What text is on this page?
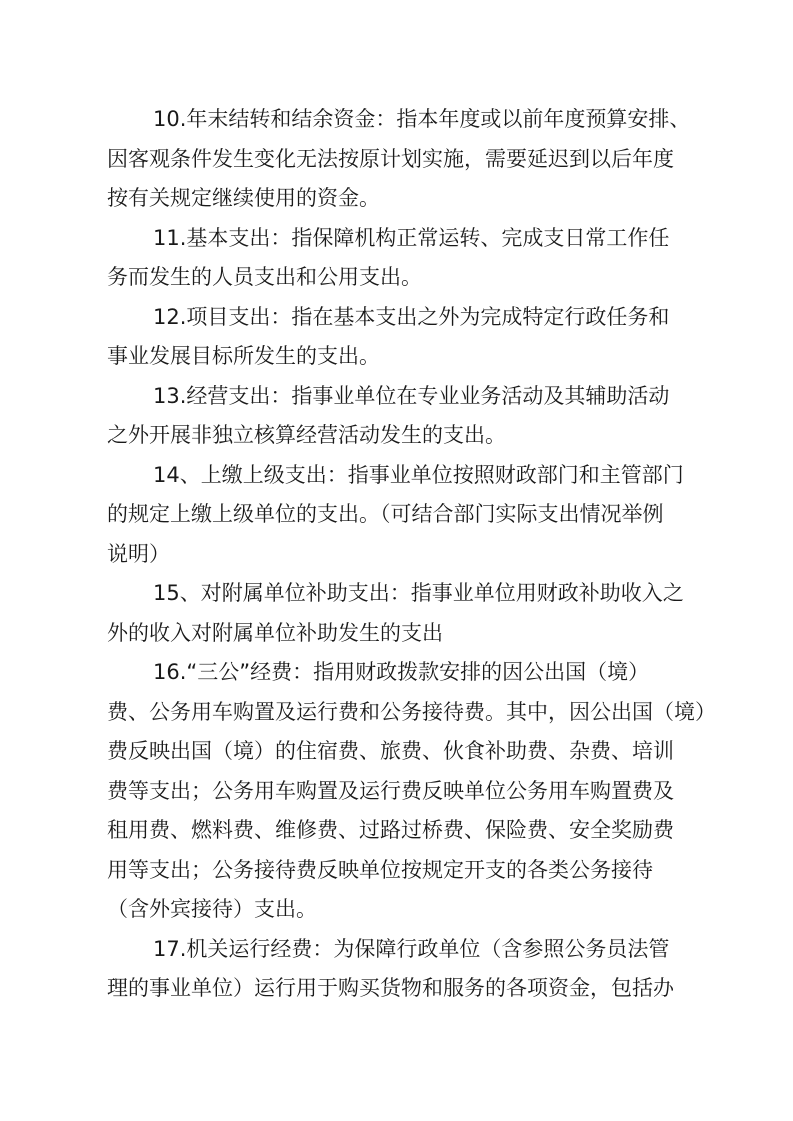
10.年末结转和结余资金：指本年度或以前年度预算安排、
因客观条件发生变化无法按原计划实施，需要延迟到以后年度
按有关规定继续使用的资金。
11.基本支出：指保障机构正常运转、完成支日常工作任
务而发生的人员支出和公用支出。
12.项目支出：指在基本支出之外为完成特定行政任务和
事业发展目标所发生的支出。
13.经营支出：指事业单位在专业业务活动及其辅助活动
之外开展非独立核算经营活动发生的支出。
14、上缴上级支出：指事业单位按照财政部门和主管部门
的规定上缴上级单位的支出。（可结合部门实际支出情况举例
说明）
15、对附属单位补助支出：指事业单位用财政补助收入之
外的收入对附属单位补助发生的支出
16.“三公”经费：指用财政拨款安排的因公出国（境）
费、公务用车购置及运行费和公务接待费。其中，因公出国（境）
费反映出国（境）的住宿费、旅费、伙食补助费、杂费、培训
费等支出；公务用车购置及运行费反映单位公务用车购置费及
租用费、燃料费、维修费、过路过桥费、保险费、安全奖励费
用等支出；公务接待费反映单位按规定开支的各类公务接待
（含外宾接待）支出。
17.机关运行经费：为保障行政单位（含参照公务员法管
理的事业单位）运行用于购买货物和服务的各项资金，包括办
